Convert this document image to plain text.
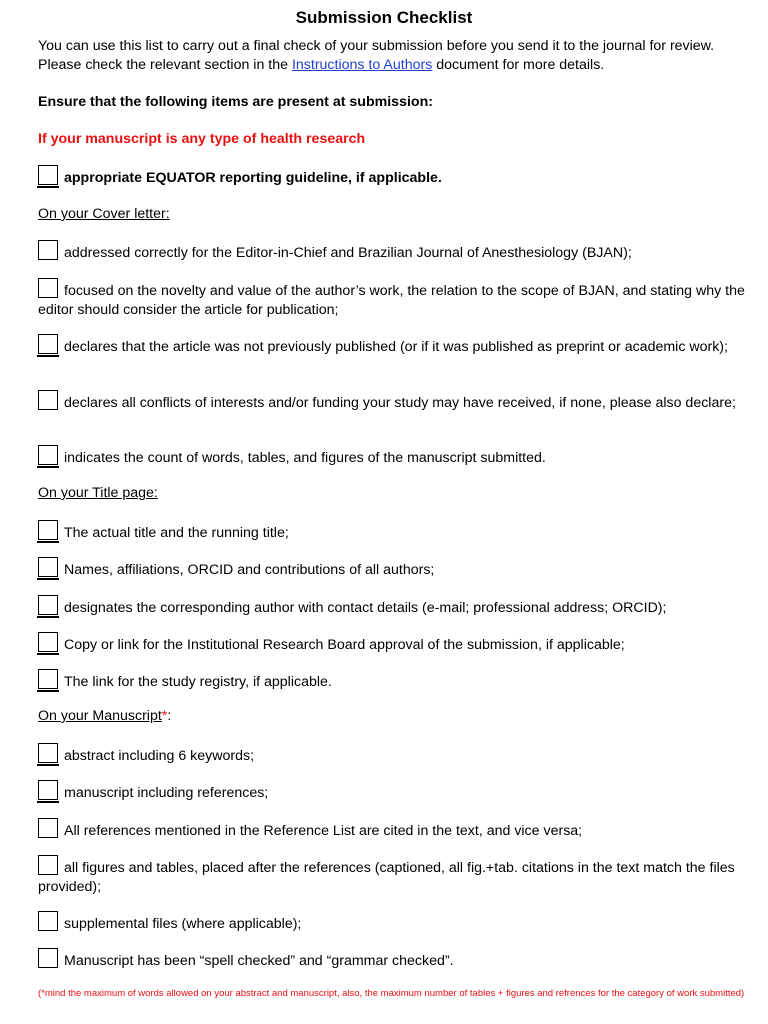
Submission Checklist
You can use this list to carry out a final check of your submission before you send it to the journal for review. Please check the relevant section in the Instructions to Authors document for more details.
Ensure that the following items are present at submission:
If your manuscript is any type of health research
appropriate EQUATOR reporting guideline, if applicable.
On your Cover letter:
addressed correctly for the Editor-in-Chief and Brazilian Journal of Anesthesiology (BJAN);
focused on the novelty and value of the author’s work, the relation to the scope of BJAN, and stating why the editor should consider the article for publication;
declares that the article was not previously published (or if it was published as preprint or academic work);
declares all conflicts of interests and/or funding your study may have received, if none, please also declare;
indicates the count of words, tables, and figures of the manuscript submitted.
On your Title page:
The actual title and the running title;
Names, affiliations, ORCID and contributions of all authors;
designates the corresponding author with contact details (e-mail; professional address; ORCID);
Copy or link for the Institutional Research Board approval of the submission, if applicable;
The link for the study registry, if applicable.
On your Manuscript*:
abstract including 6 keywords;
manuscript including references;
All references mentioned in the Reference List are cited in the text, and vice versa;
all figures and tables, placed after the references (captioned, all fig.+tab. citations in the text match the files provided);
supplemental files (where applicable);
Manuscript has been “spell checked” and “grammar checked”.
(*mind the maximum of words allowed on your abstract and manuscript, also, the maximum number of tables + figures and refrences for the category of work submitted)
